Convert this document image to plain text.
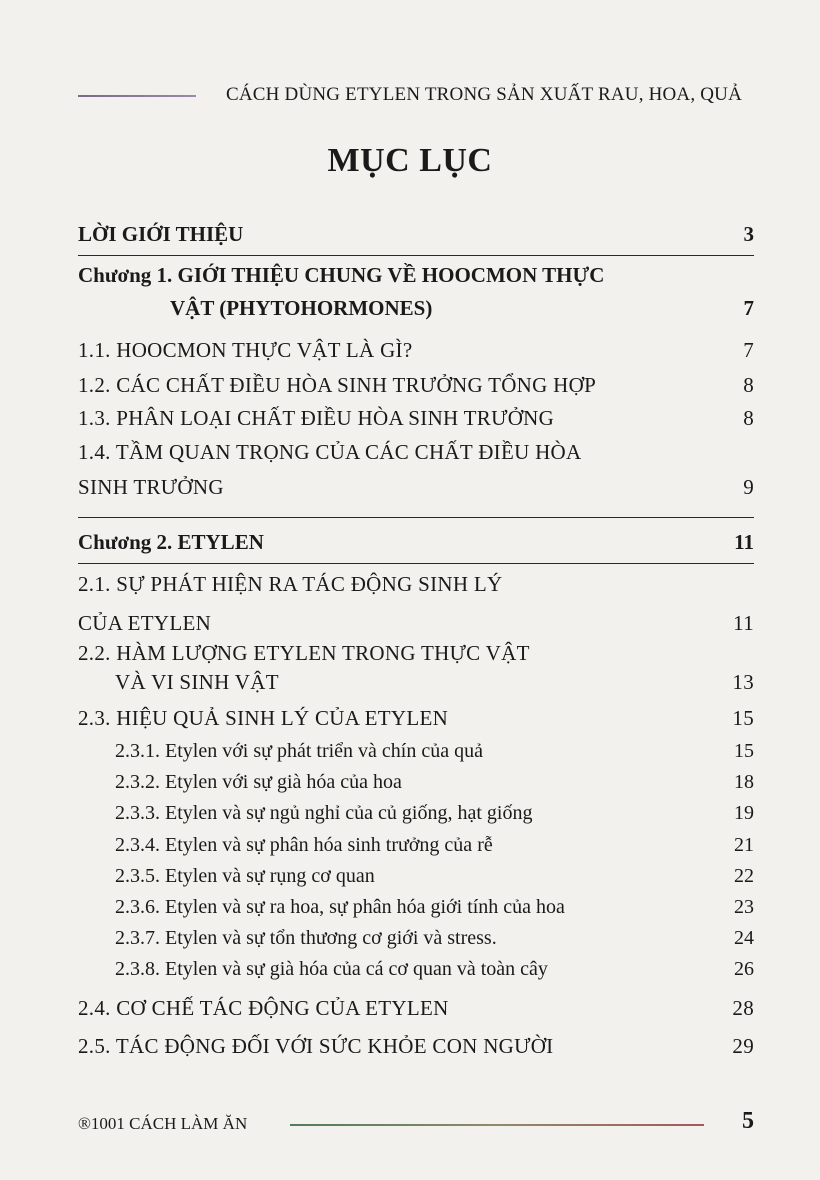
CÁCH DÙNG ETYLEN TRONG SẢN XUẤT RAU, HOA, QUẢ
MỤC LỤC
LỜI GIỚI THIỆU	3
Chương 1. GIỚI THIỆU CHUNG VỀ HOOCMON THỰC
VẬT (PHYTOHORMONES)	7
1.1. HOOCMON THỰC VẬT LÀ GÌ?	7
1.2. CÁC CHẤT ĐIỀU HÒA SINH TRƯỞNG TỔNG HỢP	8
1.3. PHÂN LOẠI CHẤT ĐIỀU HÒA SINH TRƯỞNG	8
1.4. TẦM QUAN TRỌNG CỦA CÁC CHẤT ĐIỀU HÒA
SINH TRƯỞNG	9
Chương 2. ETYLEN	11
2.1. SỰ PHÁT HIỆN RA TÁC ĐỘNG SINH LÝ
CỦA ETYLEN	11
2.2. HÀM LƯỢNG ETYLEN TRONG THỰC VẬT
VÀ VI SINH VẬT	13
2.3. HIỆU QUẢ SINH LÝ CỦA ETYLEN	15
2.3.1. Etylen với sự phát triển và chín của quả	15
2.3.2. Etylen với sự già hóa của hoa	18
2.3.3. Etylen và sự ngủ nghỉ của củ giống, hạt giống	19
2.3.4. Etylen và sự phân hóa sinh trưởng của rễ	21
2.3.5. Etylen và sự rụng cơ quan	22
2.3.6. Etylen và sự ra hoa, sự phân hóa giới tính của hoa	23
2.3.7. Etylen và sự tổn thương cơ giới và stress.	24
2.3.8. Etylen và sự già hóa của cá cơ quan và toàn cây	26
2.4. CƠ CHẾ TÁC ĐỘNG CỦA ETYLEN	28
2.5. TÁC ĐỘNG ĐỐI VỚI SỨC KHỎE CON NGƯỜI	29
®1001 CÁCH LÀM ĂN	5
